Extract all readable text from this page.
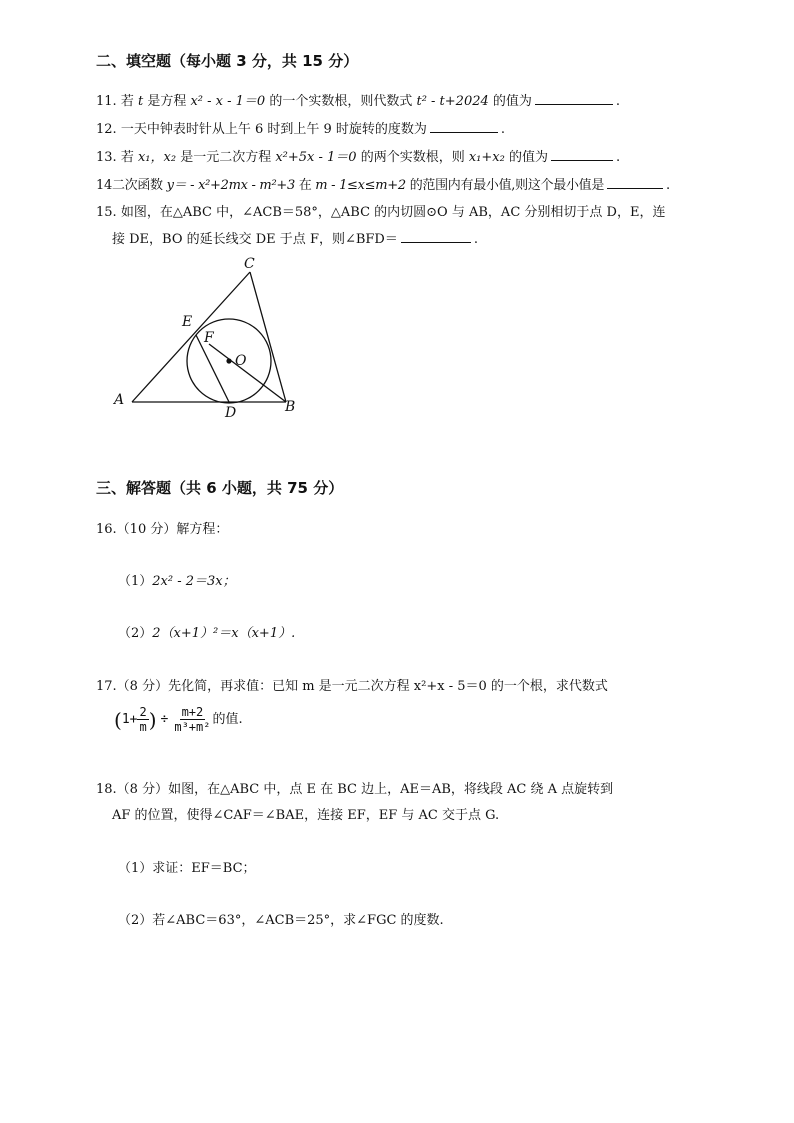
二、填空题（每小题 3 分，共 15 分）
11. 若 t 是方程 x² - x - 1＝0 的一个实数根，则代数式 t² - t+2024 的值为	.
12. 一天中钟表时针从上午 6 时到上午 9 时旋转的度数为	.
13. 若 x₁，x₂ 是一元二次方程 x²+5x - 1＝0 的两个实数根，则 x₁+x₂ 的值为	.
14二次函数 y＝ - x²+2mx - m²+3 在 m - 1≤x≤m+2 的范围内有最小值,则这个最小值是	.
15. 如图，在△ABC 中，∠ACB＝58°，△ABC 的内切圆⊙O 与 AB，AC 分别相切于点 D，E，连
接 DE，BO 的延长线交 DE 于点 F，则∠BFD＝	.
A	B
C
D
E
F
O
三、解答题（共 6 小题，共 75 分）
16.（10 分）解方程：
（1）2x² - 2＝3x；
（2）2（x+1）²＝x（x+1）.
17.（8 分）先化简，再求值：已知 m 是一元二次方程 x²+x - 5＝0 的一个根，求代数式
( $1+ \frac{2}{m}$ ) ÷ $\frac{m+2}{\text{m³+m²}}$ 的值.
18.（8 分）如图，在△ABC 中，点 E 在 BC 边上，AE＝AB，将线段 AC 绕 A 点旋转到
AF 的位置，使得∠CAF＝∠BAE，连接 EF，EF 与 AC 交于点 G.
（1）求证：EF＝BC；
（2）若∠ABC＝63°，∠ACB＝25°，求∠FGC 的度数.
